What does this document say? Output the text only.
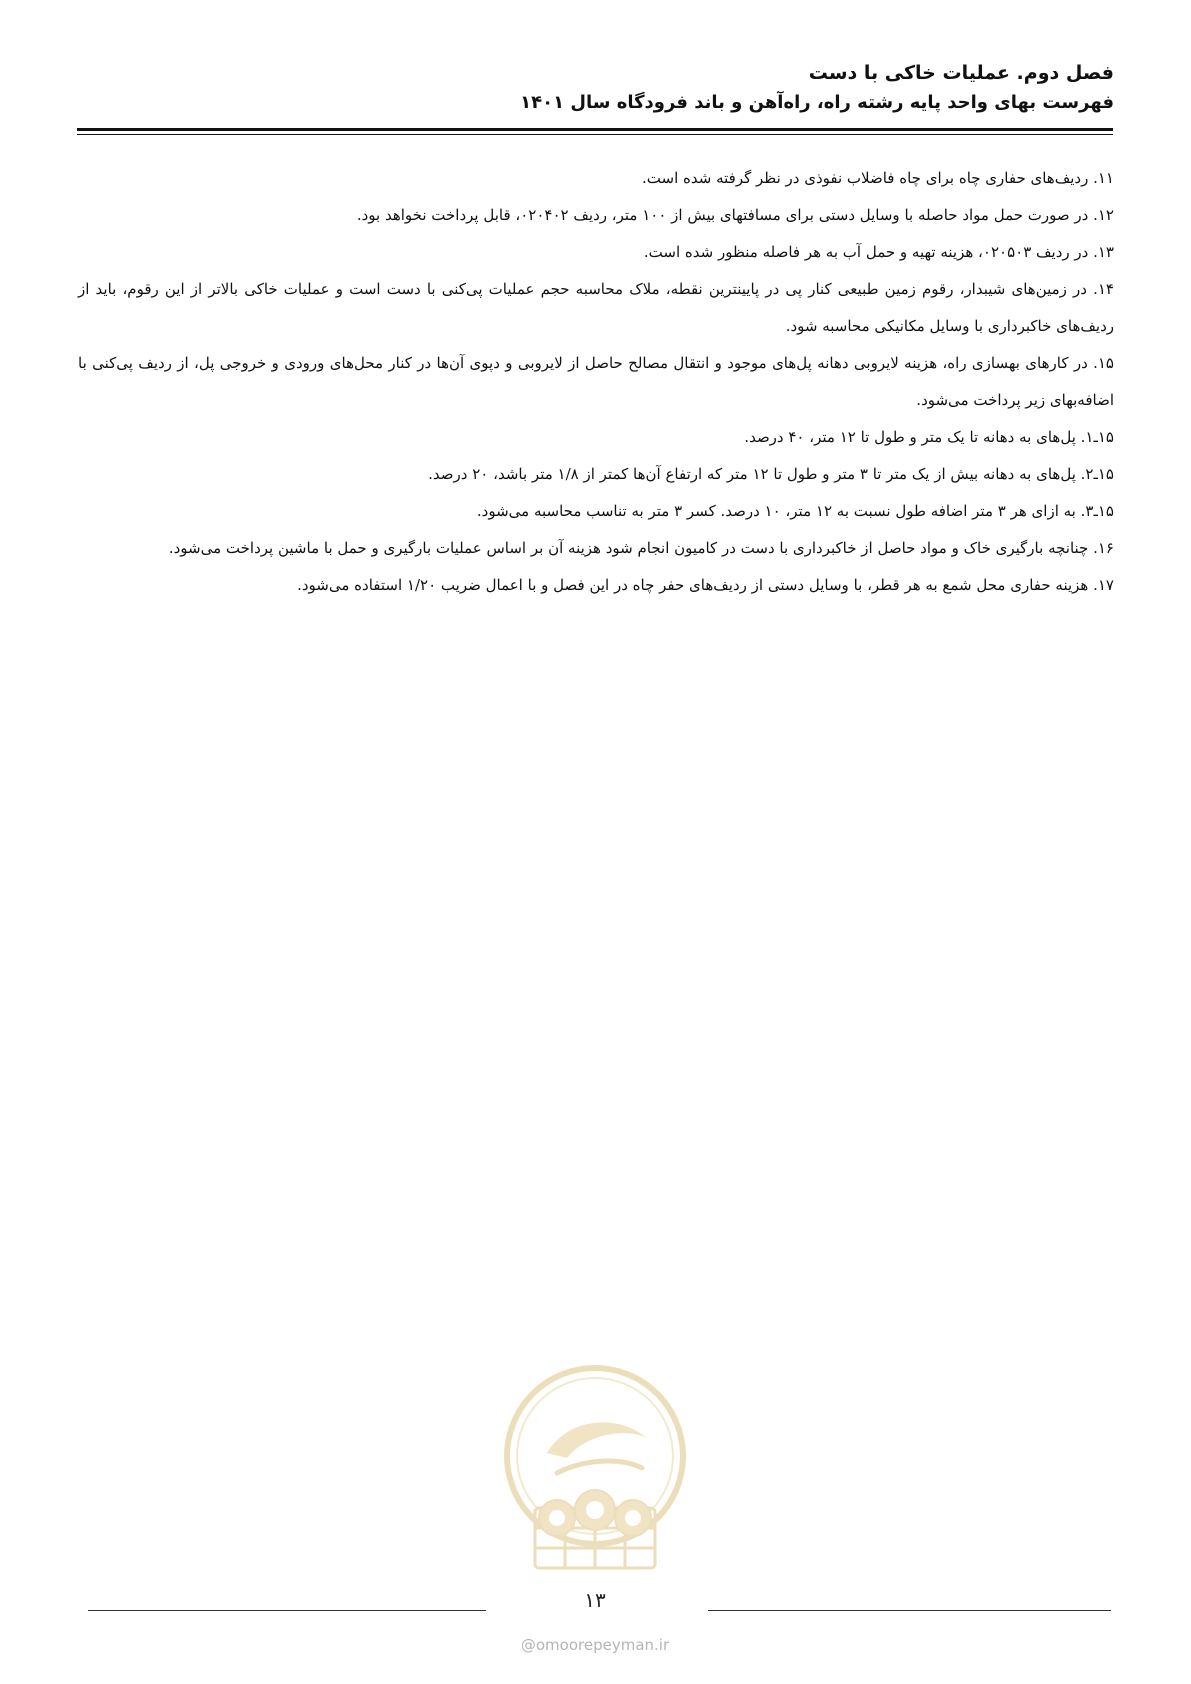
فصل دوم. عملیات خاکی با دست
فهرست بهای واحد پایه رشته راه، راه‌آهن و باند فرودگاه سال ۱۴۰۱

۱۱. ردیف‌های حفاری چاه برای چاه فاضلاب نفوذی در نظر گرفته شده است.

۱۲. در صورت حمل مواد حاصله با وسایل دستی برای مسافتهای بیش از ۱۰۰ متر، ردیف ۰۲۰۴۰۲، قابل پرداخت نخواهد بود.

۱۳. در ردیف ۰۲۰۵۰۳، هزینه تهیه و حمل آب به هر فاصله منظور شده است.

۱۴. در زمین‌های شیبدار، رقوم زمین طبیعی کنار پی در پایینترین نقطه، ملاک محاسبه حجم عملیات پی‌کنی با دست است و عملیات خاکی بالاتر از این رقوم، باید از ردیف‌های خاکبرداری با وسایل مکانیکی محاسبه شود.

۱۵. در کارهای بهسازی راه، هزینه لایروبی دهانه پل‌های موجود و انتقال مصالح حاصل از لایروبی و دپوی آن‌ها در کنار محل‌های ورودی و خروجی پل، از ردیف پی‌کنی با اضافه‌بهای زیر پرداخت می‌شود.

۱۵ـ۱. پل‌های به دهانه تا یک متر و طول تا ۱۲ متر، ۴۰ درصد.

۱۵ـ۲. پل‌های به دهانه بیش از یک متر تا ۳ متر و طول تا ۱۲ متر که ارتفاع آن‌ها کمتر از ۱/۸ متر باشد، ۲۰ درصد.

۱۵ـ۳. به ازای هر ۳ متر اضافه طول نسبت به ۱۲ متر، ۱۰ درصد. کسر ۳ متر به تناسب محاسبه می‌شود.

۱۶. چنانچه بارگیری خاک و مواد حاصل از خاکبرداری با دست در کامیون انجام شود هزینه آن بر اساس عملیات بارگیری و حمل با ماشین پرداخت می‌شود.

۱۷. هزینه حفاری محل شمع به هر قطر، با وسایل دستی از ردیف‌های حفر چاه در این فصل و با اعمال ضریب ۱/۲۰ استفاده می‌شود.

۱۳
@omoorepeyman.ir
